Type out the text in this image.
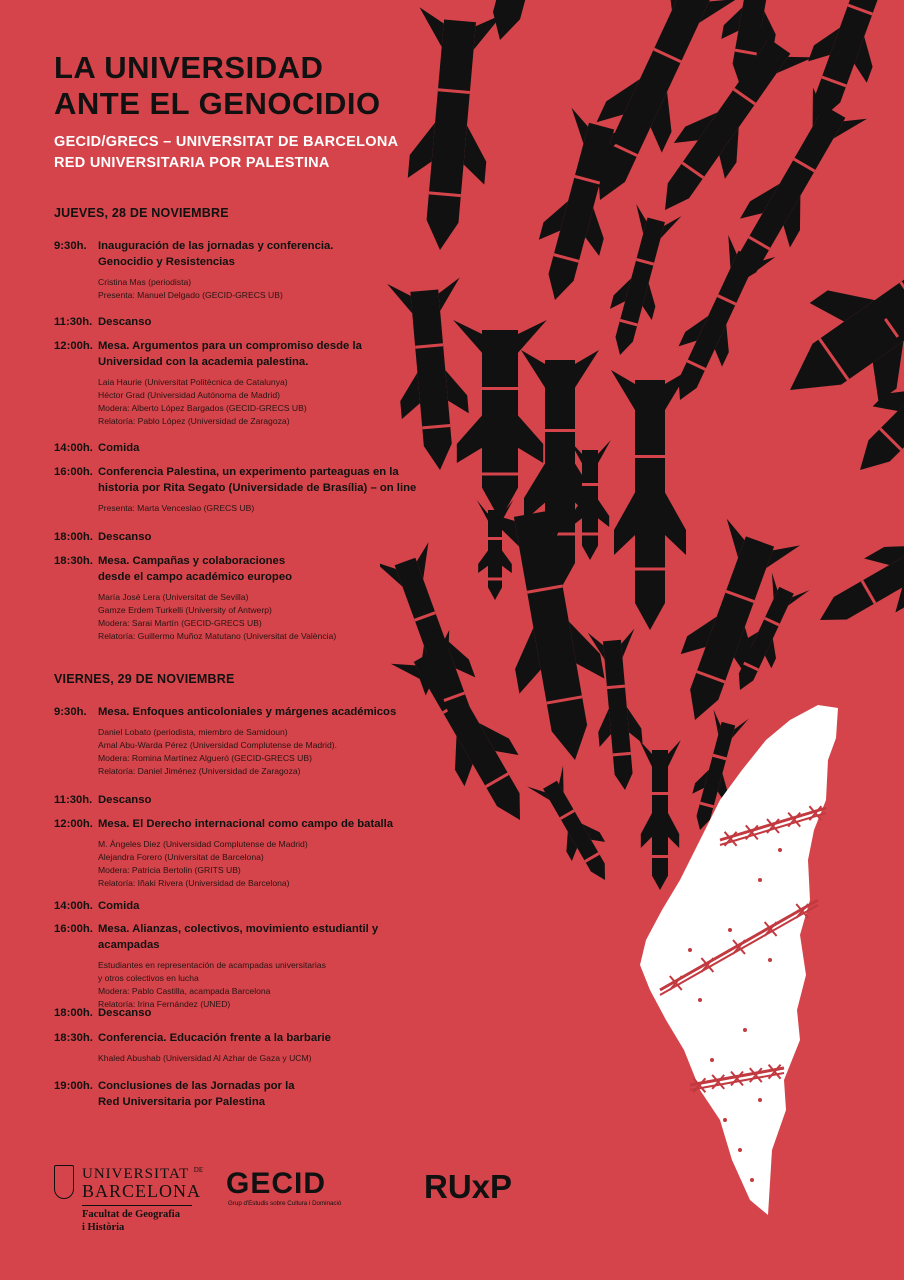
LA UNIVERSIDAD
ANTE EL GENOCIDIO
GECID/GRECS – UNIVERSITAT DE BARCELONA
RED UNIVERSITARIA POR PALESTINA
JUEVES, 28 DE NOVIEMBRE
9:30h.	Inauguración de las jornadas y conferencia.
Genocidio y Resistencias
Cristina Mas (periodista)
Presenta: Manuel Delgado (GECID-GRECS UB)
11:30h. Descanso
12:00h. Mesa. Argumentos para un compromiso desde la
Universidad con la academia palestina.
Laia Haurie (Universitat Politècnica de Catalunya)
Héctor Grad (Universidad Autónoma de Madrid)
Modera: Alberto López Bargados (GECID-GRECS UB)
Relatoría: Pablo López (Universidad de Zaragoza)
14:00h. Comida
16:00h. Conferencia Palestina, un experimento parteaguas en la
historia por Rita Segato (Universidade de Brasília) – on line
Presenta: Marta Venceslao (GRECS UB)
18:00h. Descanso
18:30h. Mesa. Campañas y colaboraciones
desde el campo académico europeo
María José Lera (Universitat de Sevilla)
Gamze Erdem Turkelli (University of Antwerp)
Modera: Sarai Martín (GECID-GRECS UB)
Relatoría: Guillermo Muñoz Matutano (Universitat de València)
VIERNES, 29 DE NOVIEMBRE
9:30h.	Mesa. Enfoques anticoloniales y márgenes académicos
Daniel Lobato (periodista, miembro de Samidoun)
Amal Abu-Warda Pérez (Universidad Complutense de Madrid).
Modera: Romina Martínez Algueró (GECID-GRECS UB)
Relatoría: Daniel Jiménez (Universidad de Zaragoza)
11:30h. Descanso
12:00h. Mesa. El Derecho internacional como campo de batalla
M. Ángeles Diez (Universidad Complutense de Madrid)
Alejandra Forero (Universitat de Barcelona)
Modera: Patricia Bertolin (GRITS UB)
Relatoría: Iñaki Rivera (Universidad de Barcelona)
14:00h. Comida
16:00h. Mesa. Alianzas, colectivos, movimiento estudiantil y acampadas
Estudiantes en representación de acampadas universitarias
y otros colectivos en lucha
Modera: Pablo Castilla, acampada Barcelona
Relatoría: Irina Fernández (UNED)
18:00h. Descanso
18:30h. Conferencia. Educación frente a la barbarie
Khaled Abushab (Universidad Al Azhar de Gaza y UCM)
19:00h. Conclusiones de las Jornadas por la
Red Universitaria por Palestina
UNIVERSITAT $^{DE}$
BARCELONA
Facultat de Geografia
i Història
GECID
Grup d'Estudis sobre Cultura i Dominació	RUxP
